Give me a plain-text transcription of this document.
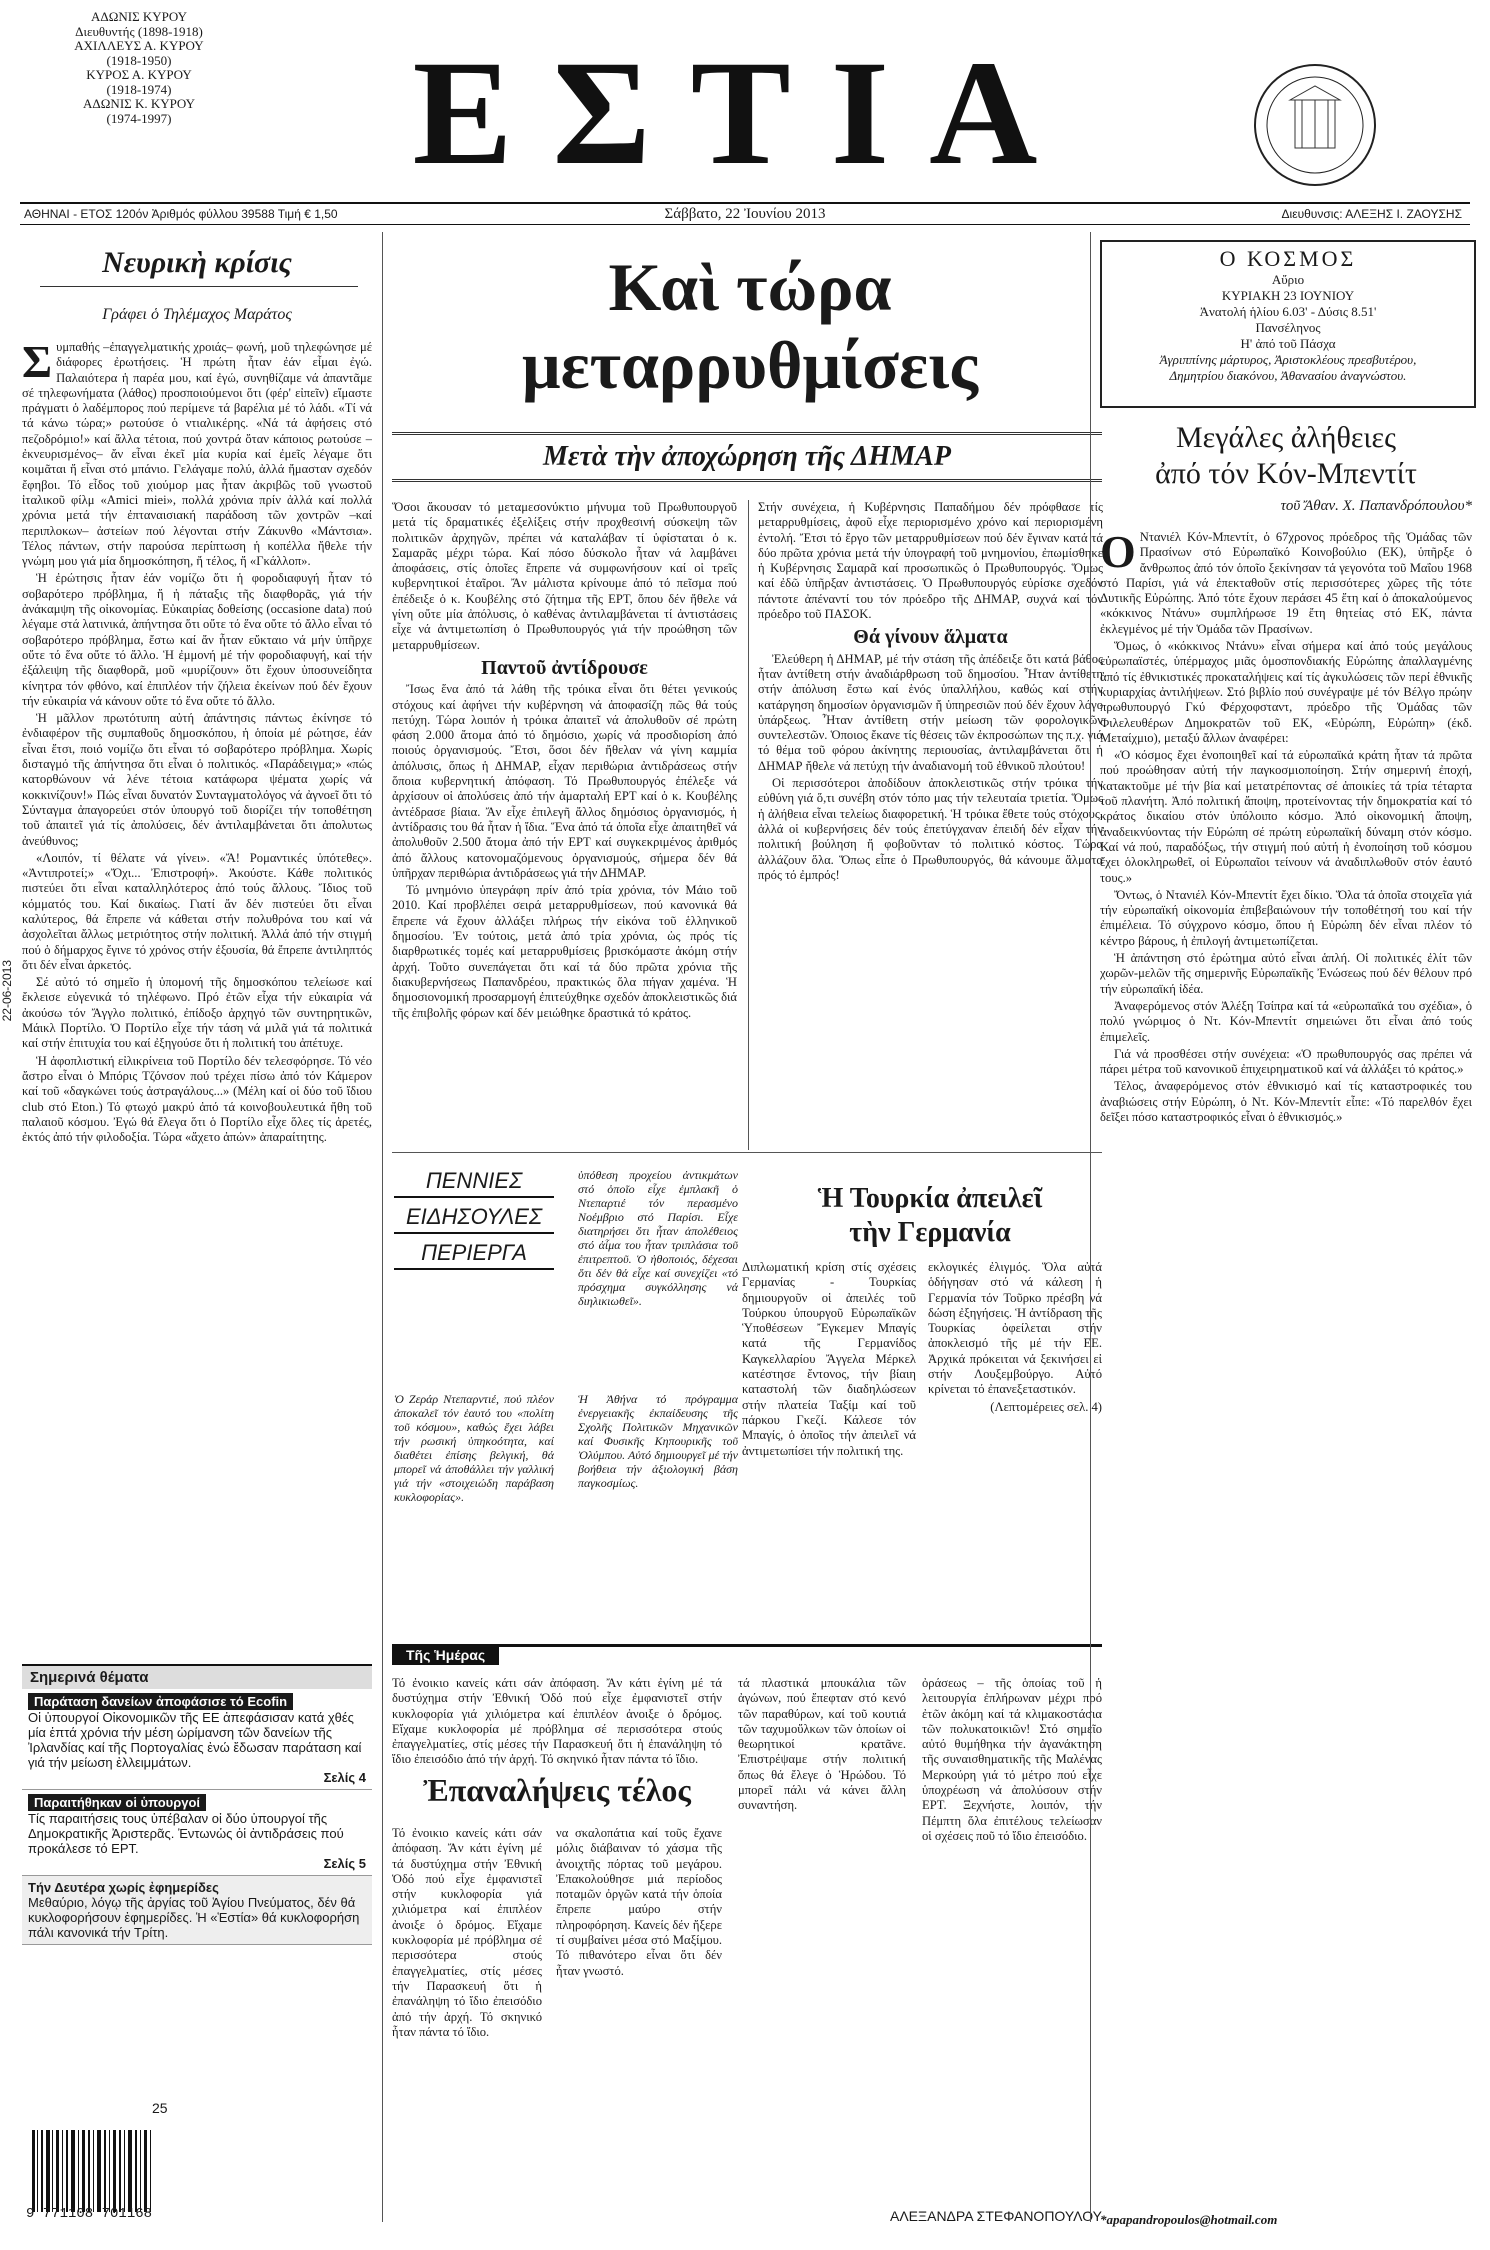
ΑΔΩΝΙΣ ΚΥΡΟΥ
Διευθυντής (1898-1918)
ΑΧΙΛΛΕΥΣ Α. ΚΥΡΟΥ
(1918-1950)
ΚΥΡΟΣ Α. ΚΥΡΟΥ
(1918-1974)
ΑΔΩΝΙΣ Κ. ΚΥΡΟΥ
(1974-1997)	ΕΣΤΙΑ
ΑΘΗΝΑΙ - ΕΤΟΣ 120όν Ἀριθμός φύλλου 39588 Τιμή € 1,50	Σάββατο, 22 Ἰουνίου 2013	Διευθυνσις: ΑΛΕΞΗΣ Ι. ΖΑΟΥΣΗΣ
22-06-2013
Νευρικὴ κρίσις
Γράφει ὁ Τηλέμαχος Μαράτος

Συμπαθής –ἐπαγγελματικής χροιάς– φωνή, μοῦ τηλεφώνησε μέ διάφορες ἐρωτήσεις. Ἡ πρώτη ἦταν ἐάν εἶμαι ἐγώ. Παλαιότερα ἡ παρέα μου, καί ἐγώ, συνηθίζαμε νά ἀπαντᾶμε σέ τηλεφωνήματα (λάθος) προσποιούμενοι ὅτι (φέρ' εἰπεῖν) εἴμαστε πράγματι ὁ λαδέμπορος πού περίμενε τά βαρέλια μέ τό λάδι. «Τί νά τά κάνω τώρα;» ρωτούσε ὁ ντιαλικέρης. «Νά τά ἀφήσεις στό πεζοδρόμιο!» καί ἄλλα τέτοια, πού χοντρά ὅταν κάποιος ρωτούσε –ἐκνευρισμένος– ἄν εἶναι ἐκεῖ μία κυρία καί ἐμεῖς λέγαμε ὅτι κοιμᾶται ἤ εἶναι στό μπάνιο. Γελάγαμε πολύ, ἀλλά ἤμασταν σχεδόν ἔφηβοι. Τό εἶδος τοῦ χιούμορ μας ἦταν ἀκριβῶς τοῦ γνωστοῦ ἰταλικοῦ φίλμ «Amici miei», πολλά χρόνια πρίν ἀλλά καί πολλά χρόνια μετά τήν ἐπταναισιακή παράδοση τῶν χοντρῶν –καί περιπλοκων– ἀστείων πού λέγονται στήν Ζάκυνθο «Μάντσια». Τέλος πάντων, στήν παρούσα περίπτωση ἡ κοπέλλα ἤθελε τήν γνώμη μου γιά μία δημοσκόπηση, ἤ τέλος, ἤ «Γκάλλοπ».

Ἡ ἐρώτησις ἦταν ἐάν νομίζω ὅτι ἡ φοροδιαφυγή ἦταν τό σοβαρότερο πρόβλημα, ἤ ἡ πάταξις τῆς διαφθορᾶς, γιά τήν ἀνάκαμψη τῆς οἰκονομίας. Εὐκαιρίας δοθείσης (occasione data) πού λέγαμε στά λατινικά, ἀπήντησα ὅτι οὔτε τό ἕνα οὔτε τό ἄλλο εἶναι τό σοβαρότερο πρόβλημα, ἔστω καί ἄν ἦταν εὔκταιο νά μήν ὑπῆρχε οὔτε τό ἕνα οὔτε τό ἄλλο. Ἡ ἐμμονή μέ τήν φοροδιαφυγή, καί τήν ἐξάλειψη τῆς διαφθορᾶ, μοῦ «μυρίζουν» ὅτι ἔχουν ὑποσυνείδητα κίνητρα τόν φθόνο, καί ἐπιπλέον τήν ζήλεια ἐκείνων πού δέν ἔχουν τήν εὐκαιρία νά κάνουν οὔτε τό ἕνα οὔτε τό ἄλλο.

Ἡ μᾶλλον πρωτότυπη αὐτή ἀπάντησις πάντως ἐκίνησε τό ἐνδιαφέρον τῆς συμπαθοῦς δημοσκόπου, ἡ ὁποία μέ ρώτησε, ἐάν εἶναι ἔτσι, ποιό νομίζω ὅτι εἶναι τό σοβαρότερο πρόβλημα. Χωρίς δισταγμό τῆς ἀπήντησα ὅτι εἶναι ὁ πολιτικός. «Παράδειγμα;» «πώς κατορθώνουν νά λένε τέτοια κατάφωρα ψέματα χωρίς νά κοκκινίζουν!» Πώς εἶναι δυνατόν Συνταγματολόγος νά ἀγνοεῖ ὅτι τό Σύνταγμα ἀπαγορεύει στόν ὑπουργό τοῦ διορίζει τήν τοποθέτηση τοῦ ἀπαιτεῖ γιά τίς ἀπολύσεις, δέν ἀντιλαμβάνεται ὅτι ἀπολυτως ἀνεύθυνος;

«Λοιπόν, τί θέλατε νά γίνει». «Ἄ! Ρομαντικές ὑπότεθες». «Ἀντιπροτεί;» «Ὄχι... Ἐπιστροφή». Ἀκούστε. Κάθε πολιτικός πιστεύει ὅτι εἶναι καταλληλότερος ἀπό τούς ἄλλους. Ἴδιος τοῦ κόμματός του. Καί δικαίως. Γιατί ἄν δέν πιστεύει ὅτι εἶναι καλύτερος, θά ἔπρεπε νά κάθεται στήν πολυθρόνα του καί νά ἀσχολεῖται ἄλλως μετριότητος στήν πολιτική. Ἀλλά ἀπό τήν στιγμή πού ὁ δήμαρχος ἔγινε τό χρόνος στήν ἐξουσία, θά ἔπρεπε ἀντιληπτός ὅτι δέν εἶναι ἀρκετός.

Σέ αὐτό τό σημεῖο ἡ ὑπομονή τῆς δημοσκόπου τελείωσε καί ἔκλεισε εὐγενικά τό τηλέφωνο. Πρό ἐτῶν εἶχα τήν εὐκαιρία νά ἀκούσω τόν Ἄγγλο πολιτικό, ἐπίδοξο ἀρχηγό τῶν συντηρητικῶν, Μάικλ Πορτίλο. Ὁ Πορτίλο εἶχε τήν τάση νά μιλᾶ γιά τά πολιτικά καί στήν ἐπιτυχία του καί ἐξηγούσε ὅτι ἡ πολιτική του ἀπέτυχε.

Ἡ ἀφοπλιστική εἰλικρίνεια τοῦ Πορτίλο δέν τελεσφόρησε. Τό νέο ἄστρο εἶναι ὁ Μπόρις Τζόνσον πού τρέχει πίσω ἀπό τόν Κάμερον καί τοῦ «δαγκώνει τούς ἀστραγάλους...» (Μέλη καί οἱ δύο τοῦ ἴδιου club στό Eton.) Τό φτωχό μακρύ ἀπό τά κοινοβουλευτικά ἤθη τοῦ παλαιοῦ κόσμου. Ἐγώ θά ἔλεγα ὅτι ὁ Πορτίλο εἶχε ὅλες τίς ἀρετές, ἐκτός ἀπό τήν φιλοδοξία. Τώρα «ἄχετο ἀπών» ἀπαραίτητης.

Σημερινά θέματα
Παράταση δανείων ἀποφάσισε τό Ecofin
Οἱ ὑπουργοί Οἰκονομικῶν τῆς ΕΕ ἀπεφάσισαν κατά χθές μία ἑπτά χρόνια τήν μέση ὡρίμανση τῶν δανείων τῆς Ἰρλανδίας καί τῆς Πορτογαλίας ἐνώ ἔδωσαν παράταση καί γιά τήν μείωση ἐλλειμμάτων.
Σελίς 4
Παραιτήθηκαν οἱ ὑπουργοί
Τίς παραιτήσεις τους ὑπέβαλαν οἱ δύο ὑπουργοί τῆς Δημοκρατικῆς Ἀριστερᾶς. Ἐντωνὡς ὁἱ ἀντιδράσεις πού προκάλεσε τό ΕΡΤ.
Σελίς 5
Τήν Δευτέρα χωρίς ἐφημερίδες
Μεθαύριο, λόγῳ τῆς ἀργίας τοῦ Ἁγίου Πνεύματος, δέν θά κυκλοφορήσουν ἐφημερίδες. Ἡ «Ἑστία» θά κυκλοφορήση πάλι κανονικά τήν Τρίτη.
25
9 771108 701168
Καὶ τώρα
μεταρρυθμίσεις
Μετὰ τὴν ἀποχώρηση τῆς ΔΗΜΑΡ

Ὅσοι ἄκουσαν τό μεταμεσονύκτιο μήνυμα τοῦ Πρωθυπουργοῦ μετά τίς δραματικές ἐξελίξεις στήν προχθεσινή σύσκεψη τῶν πολιτικῶν ἀρχηγῶν, πρέπει νά καταλάβαν τί ὑφίσταται ὁ κ. Σαμαρᾶς μέχρι τώρα. Καί πόσο δύσκολο ἦταν νά λαμβάνει ἀποφάσεις, στίς ὁποῖες ἔπρεπε νά συμφωνήσουν καί οἱ τρεῖς κυβερνητικοί ἑταῖροι. Ἄν μάλιστα κρίνουμε ἀπό τό πεῖσμα πού ἐπέδειξε ὁ κ. Κουβέλης στό ζήτημα τῆς ΕΡΤ, ὅπου δέν ἤθελε νά γίνη οὔτε μία ἀπόλυσις, ὁ καθένας ἀντιλαμβάνεται τί ἀντιστάσεις εἶχε νά ἀντιμετωπίση ὁ Πρωθυπουργός γιά τήν προώθηση τῶν μεταρρυθμίσεων.

Παντοῦ ἀντίδρουσε

Ἴσως ἕνα ἀπό τά λάθη τῆς τρόικα εἶναι ὅτι θέτει γενικούς στόχους καί ἀφήνει τήν κυβέρνηση νά ἀποφασίζη πῶς θά τούς πετύχη. Τώρα λοιπόν ἡ τρόικα ἀπαιτεῖ νά ἀπολυθοῦν σέ πρώτη φάση 2.000 ἄτομα ἀπό τό δημόσιο, χωρίς νά προσδιορίση ἀπό ποιούς ὀργανισμούς. Ἔτσι, ὅσοι δέν ἤθελαν νά γίνη καμμία ἀπόλυσις, ὅπως ἡ ΔΗΜΑΡ, εἶχαν περιθώρια ἀντιδράσεως στήν ὅποια κυβερνητική ἀπόφαση. Τό Πρωθυπουργός ἐπέλεξε νά ἀρχίσουν οἱ ἀπολύσεις ἀπό τήν ἀμαρταλή ΕΡΤ καί ὁ κ. Κουβέλης ἀντέδρασε βίαια. Ἄν εἶχε ἐπιλεγῆ ἄλλος δημόσιος ὀργανισμός, ἡ ἀντίδρασις του θά ἦταν ἡ ἴδια. Ἕνα ἀπό τά ὁποῖα εἶχε ἀπαιτηθεῖ νά ἀπολυθοῦν 2.500 ἄτομα ἀπό τήν ΕΡΤ καί συγκεκριμένος ἀριθμός ἀπό ἄλλους κατονομαζόμενους ὀργανισμούς, σήμερα δέν θά ὑπῆρχαν περιθώρια ἀντιδράσεως γιά τήν ΔΗΜΑΡ.

Τό μνημόνιο ὑπεγράφη πρίν ἀπό τρία χρόνια, τόν Μάιο τοῦ 2010. Καί προβλέπει σειρά μεταρρυθμίσεων, πού κανονικά θά ἔπρεπε νά ἔχουν ἀλλάξει πλήρως τήν εἰκόνα τοῦ ἑλληνικοῦ δημοσίου. Ἐν τούτοις, μετά ἀπό τρία χρόνια, ὡς πρός τίς διαρθρωτικές τομές καί μεταρρυθμίσεις βρισκόμαστε ἀκόμη στήν ἀρχή. Τοῦτο συνεπάγεται ὅτι καί τά δύο πρῶτα χρόνια τῆς διακυβερνήσεως Παπανδρέου, πρακτικώς ὅλα πήγαν χαμένα. Ἡ δημοσιονομική προσαρμογή ἐπιτεύχθηκε σχεδόν ἀποκλειστικῶς διά τῆς ἐπιβολῆς φόρων καί δέν μειώθηκε δραστικά τό κράτος.

Στήν συνέχεια, ἡ Κυβέρνησις Παπαδήμου δέν πρόφθασε τίς μεταρρυθμίσεις, ἀφοῦ εἶχε περιορισμένο χρόνο καί περιορισμένη ἐντολή. Ἔτσι τό ἔργο τῶν μεταρρυθμίσεων πού δέν ἔγιναν κατά τά δύο πρῶτα χρόνια μετά τήν ὑπογραφή τοῦ μνημονίου, ἐπωμίσθηκε ἡ Κυβέρνησις Σαμαρᾶ καί προσωπικῶς ὁ Πρωθυπουργός. Ὅμως καί ἐδῶ ὑπῆρξαν ἀντιστάσεις. Ὁ Πρωθυπουργός εὐρίσκε σχεδόν πάντοτε ἀπέναντί του τόν πρόεδρο τῆς ΔΗΜΑΡ, συχνά καί τόν πρόεδρο τοῦ ΠΑΣΟΚ.

Θά γίνουν ἅλματα

Ἐλεύθερη ἡ ΔΗΜΑΡ, μέ τήν στάση τῆς ἀπέδειξε ὅτι κατά βάθος ἦταν ἀντίθετη στήν ἀναδιάρθρωση τοῦ δημοσίου. Ἦταν ἀντίθετη στήν ἀπόλυση ἔστω καί ἑνός ὑπαλλήλου, καθώς καί στήν κατάργηση δημοσίων ὀργανισμῶν ἤ ὑπηρεσιῶν πού δέν ἔχουν λόγο ὑπάρξεως. Ἦταν ἀντίθετη στήν μείωση τῶν φορολογικῶν συντελεστῶν. Ὁποιος ἔκανε τίς θέσεις τῶν ἐκπροσώπων της π.χ. γιά τό θέμα τοῦ φόρου ἀκίνητης περιουσίας, ἀντιλαμβάνεται ὅτι ἡ ΔΗΜΑΡ ἤθελε νά πετύχη τήν ἀναδιανομή τοῦ ἐθνικοῦ πλούτου!

Οἱ περισσότεροι ἀποδίδουν ἀποκλειστικῶς στήν τρόικα τήν εὐθύνη γιά ὅ,τι συνέβη στόν τόπο μας τήν τελευταία τριετία. Ὅμως ἡ ἀλήθεια εἶναι τελείως διαφορετική. Ἡ τρόικα ἔθετε τούς στόχους, ἀλλά οἱ κυβερνήσεις δέν τούς ἐπετύγχαναν ἐπειδή δέν εἶχαν τήν πολιτική βούληση ἤ φοβοῦνταν τό πολιτικό κόστος. Τώρα ἀλλάζουν ὅλα. Ὅπως εἶπε ὁ Πρωθυπουργός, θά κάνουμε ἅλματα πρός τό ἐμπρός!

ΠΕΝΝΙΕΣ
ΕΙΔΗΣΟΥΛΕΣ
ΠΕΡΙΕΡΓΑ

ὑπόθεση προχείου ἀντικμάτων στό ὁποῖο εἶχε ἐμπλακῆ ὁ Ντεπαρτιέ τόν περασμένο Νοέμβριο στό Παρίσι. Εἶχε διατηρήσει ὅτι ἦταν ἀπολέθειος στό ἀἶμα του ἦταν τριπλάσια τοῦ ἐπιτρεπτοῦ. Ὁ ἠθοποιός, δέχεσαι ὅτι δέν θά εἶχε καί συνεχίζει «τό πρόσχημα συγκόλλησης νά διηλικιωθεῖ».

Ὁ Ζεράρ Ντεπαρντιέ, πού πλέον ἀποκαλεῖ τόν ἑαυτό του «πολίτη τοῦ κόσμου», καθώς ἔχει λάβει τήν ρωσική ὑπηκοότητα, καί διαθέτει ἐπίσης βελγική, θά μπορεῖ νά ἀποθάλλει τήν γαλλική γιά τήν «στοιχειώδη παράβαση κυκλοφορίας».

Ἡ Ἀθήνα τό πρόγραμμα ἐνεργειακῆς ἐκπαίδευσης τῆς Σχολῆς Πολιτικῶν Μηχανικῶν καί Φυσικῆς Κηπουρικῆς τοῦ Ὀλύμπου. Αὐτό δημιουργεῖ μέ τήν βοήθεια τήν ἀξιολογική βάση παγκοσμίως.

Ἡ Τουρκία ἀπειλεῖ
τὴν Γερμανία

Διπλωματική κρίση στίς σχέσεις Γερμανίας - Τουρκίας δημιουργοῦν οἱ ἀπειλές τοῦ Τούρκου ὑπουργοῦ Εὐρωπαϊκῶν Ὑποθέσεων Ἔγκεμεν Μπαγίς κατά τῆς Γερμανίδος Καγκελλαρίου Ἄγγελα Μέρκελ κατέστησε ἔντονος, τήν βίαιη καταστολή τῶν διαδηλώσεων στήν πλατεία Ταξίμ καί τοῦ πάρκου Γκεζί. Κάλεσε τόν Μπαγίς, ὁ ὁποῖος τήν ἀπειλεῖ νά ἀντιμετωπίσει τήν πολιτική της.

εκλογικές ἐλιγμός. Ὅλα αὐτά ὁδήγησαν στό νά κάλεση ἡ Γερμανία τόν Τοῦρκο πρέσβη νά δώση ἐξηγήσεις. Ἡ ἀντίδραση τῆς Τουρκίας ὀφείλεται στήν ἀποκλεισμό τῆς μέ τήν ΕΕ. Ἀρχικά πρόκειται νά ξεκινήσει εἰ στήν Λουξεμβούργο. Αὐτό κρίνεται τό ἐπανεξεταστικόν.

(Λεπτομέρειες σελ. 4)

Τῆς Ἡμέρας

Τό ἐνοικιο κανείς κάτι σάν ἀπόφαση. Ἄν κάτι ἐγίνη μέ τά δυστύχημα στήν Ἐθνική Ὁδό πού εἶχε ἐμφανιστεῖ στήν κυκλοφορία γιά χιλιόμετρα καί ἐπιπλέον ἀνοιξε ὁ δρόμος. Εἴχαμε κυκλοφορία μέ πρόβλημα σέ περισσότερα στούς ἐπαγγελματίες, στίς μέσες τήν Παρασκευή ὅτι ἡ ἐπανάληψη τό ἴδιο ἐπεισόδιο ἀπό τήν ἀρχή. Τό σκηνικό ἦταν πάντα τό ἴδιο.

Ἐπαναλήψεις τέλος

Τό ἐνοικιο κανείς κάτι σάν ἀπόφαση. Ἄν κάτι ἐγίνη μέ τά δυστύχημα στήν Ἐθνική Ὁδό πού εἶχε ἐμφανιστεῖ στήν κυκλοφορία γιά χιλιόμετρα καί ἐπιπλέον ἀνοιξε ὁ δρόμος. Εἴχαμε κυκλοφορία μέ πρόβλημα σέ περισσότερα στούς ἐπαγγελματίες, στίς μέσες τήν Παρασκευή ὅτι ἡ ἐπανάληψη τό ἴδιο ἐπεισόδιο ἀπό τήν ἀρχή. Τό σκηνικό ἦταν πάντα τό ἴδιο.

να σκαλοπάτια καί τοῦς ἔχανε μόλις διάβαιναν τό χάσμα τῆς ἀνοιχτῆς πόρτας τοῦ μεγάρου. Ἐπακολούθησε μιά περίοδος ποταμῶν ὀργῶν κατά τήν ὁποία ἔπρεπε μαύρο στήν πληροφόρηση. Κανείς δέν ἤξερε τί συμβαίνει μέσα στό Μαξίμου. Τό πιθανότερο εἶναι ὅτι δέν ἦταν γνωστό.

τά πλαστικά μπουκάλια τῶν ἀγώνων, πού ἔπεφταν στό κενό τῶν παραθύρων, καί τοῦ κουτιά τῶν ταχυμοὔλκων τῶν ὁποίων οἱ θεωρητικοί κρατᾶνε. Ἐπιστρέψαμε στήν πολιτική ὅπως θά ἔλεγε ὁ Ἡρώδου. Τό μπορεῖ πάλι νά κάνει ἄλλη συναντήση.

ὀράσεως – τῆς ὁποίας τοῦ ἡ λειτουργία ἐπλήρωναν μέχρι πρό ἐτῶν ἀκόμη καί τά κλιμακοστάσια τῶν πολυκατοικιῶν! Στό σημεῖο αὐτό θυμήθηκα τήν ἀγανάκτηση τῆς συναισθηματικῆς τῆς Μαλένας Μερκούρη γιά τό μέτρο πού εἶχε ὑποχρέωση νά ἀπολύσουν στήν ΕΡΤ. Ξεχνήστε, λοιπόν, τήν Πέμπτη ὅλα ἐπιτέλους τελείωσαν οἱ σχέσεις ποῦ τό ἴδιο ἐπεισόδιο.

ΑΛΕΞΑΝΔΡΑ ΣΤΕΦΑΝΟΠΟΥΛΟΥ
Ο ΚΟΣΜΟΣ
Αὔριο
ΚΥΡΙΑΚΗ 23 ΙΟΥΝΙΟΥ
Ἀνατολή ἡλίου 6.03' - Δύσις 8.51'
Πανσέληνος
Η' ἀπό τοῦ Πάσχα
Ἀγριππίνης μάρτυρος, Ἀριστοκλέους πρεσβυτέρου,
Δημητρίου διακόνου, Ἀθανασίου ἀναγνώστου.
Μεγάλες ἀλήθειες
ἀπό τόν Κόν-Μπεντίτ
τοῦ Ἄθαν. Χ. Παπανδρόπουλου*

Ο Ντανιέλ Κόν-Μπεντίτ, ὁ 67χρονος πρόεδρος τῆς Ὁμάδας τῶν Πρασίνων στό Εὐρωπαϊκό Κοινοβούλιο (ΕΚ), ὑπῆρξε ὁ ἄνθρωπος ἀπό τόν ὁποῖο ξεκίνησαν τά γεγονότα τοῦ Μαΐου 1968 στό Παρίσι, γιά νά ἐπεκταθοῦν στίς περισσότερες χῶρες τῆς τότε Δυτικῆς Εὐρώπης. Ἀπό τότε ἔχουν περάσει 45 ἔτη καί ὁ ἀποκαλούμενος «κόκκινος Ντάνυ» συμπλήρωσε 19 ἔτη θητείας στό ΕΚ, πάντα ἐκλεγμένος μέ τήν Ὁμάδα τῶν Πρασίνων.

Ὅμως, ὁ «κόκκινος Ντάνυ» εἶναι σήμερα καί ἀπό τούς μεγάλους εὐρωπαϊστές, ὑπέρμαχος μιᾶς ὁμοσπονδιακής Εὐρώπης ἀπαλλαγμένης ἀπό τίς ἐθνικιστικές προκαταλήψεις καί τίς ἀγκυλώσεις τῶν περί ἐθνικῆς κυριαρχίας ἀντιλήψεων. Στό βιβλίο πού συνέγραψε μέ τόν Βέλγο πρώην πρωθυπουργό Γκύ Φέρχοφσταντ, πρόεδρο τῆς Ὁμάδας τῶν Φιλελευθέρων Δημοκρατῶν τοῦ ΕΚ, «Εὐρώπη, Εὐρώπη» (έκδ. Μεταίχμιο), μεταξύ ἄλλων ἀναφέρει:

«Ὁ κόσμος ἔχει ἐνοποιηθεῖ καί τά εὐρωπαϊκά κράτη ἦταν τά πρῶτα πού προώθησαν αὐτή τήν παγκοσμιοποίηση. Στήν σημερινή ἐποχή, κατακτοῦμε μέ τήν βία καί μετατρέποντας σέ ἀποικίες τά τρία τέταρτα τοῦ πλανήτη. Ἀπό πολιτική ἄποψη, προτείνοντας τήν δημοκρατία καί τό κράτος δικαίου στόν ὑπόλοιπο κόσμο. Ἀπό οἰκονομική ἄποψη, ἀναδεικνύοντας τήν Εὐρώπη σέ πρώτη εὐρωπαϊκή δύναμη στόν κόσμο. Καί νά πού, παραδόξως, τήν στιγμή πού αὐτή ἡ ἐνοποίηση τοῦ κόσμου ἔχει ὁλοκληρωθεῖ, οἱ Εὐρωπαῖοι τείνουν νά ἀναδιπλωθοῦν στόν ἑαυτό τους.»

Ὄντως, ὁ Ντανιέλ Κόν-Μπεντίτ ἔχει δίκιο. Ὅλα τά ὁποῖα στοιχεῖα γιά τήν εὐρωπαϊκή οἰκονομία ἐπιβεβαιώνουν τήν τοποθέτησή του καί τήν ἐπιμέλεια. Τό σύγχρονο κόσμο, ὅπου ἡ Εὐρώπη δέν εἶναι πλέον τό κέντρο βάρους, ἡ ἐπιλογή ἀντιμετωπίζεται.

Ἡ ἀπάντηση στό ἐρώτημα αὐτό εἶναι ἁπλή. Οἱ πολιτικές ἐλίτ τῶν χωρῶν-μελῶν τῆς σημερινῆς Εὐρωπαϊκῆς Ἐνώσεως πού δέν θέλουν πρό τήν εὐρωπαϊκή ἰδέα.

Ἀναφερόμενος στόν Ἀλέξη Τσίπρα καί τά «εὐρωπαϊκά του σχέδια», ὁ πολύ γνώριμος ὁ Ντ. Κόν-Μπεντίτ σημειώνει ὅτι εἶναι ἀπό τούς ἐπιμελεῖς.

Γιά νά προσθέσει στήν συνέχεια: «Ὁ πρωθυπουργός σας πρέπει νά πάρει μέτρα τοῦ κανονικοῦ ἐπιχειρηματικοῦ καί νά ἀλλάξει τό κράτος.»

Τέλος, ἀναφερόμενος στόν ἐθνικισμό καί τίς καταστροφικές του ἀναβιώσεις στήν Εὐρώπη, ὁ Ντ. Κόν-Μπεντίτ εἶπε: «Τό παρελθόν ἔχει δεῖξει πόσο καταστροφικός εἶναι ὁ ἐθνικισμός.»

*apapandropoulos@hotmail.com
